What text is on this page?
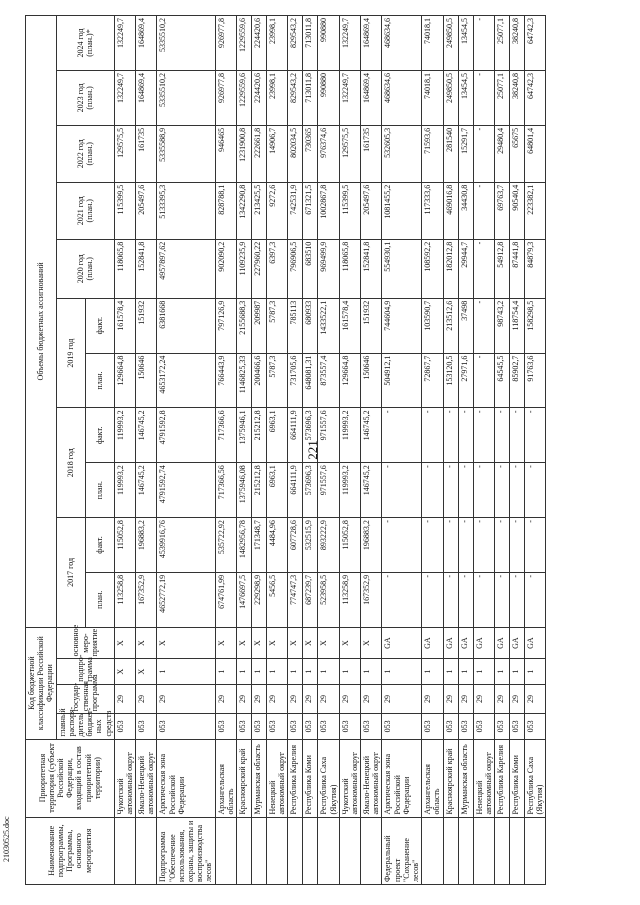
221
21030525.doc	Наименование подпрограммы, Программы, основного мероприятия	Приоритетная территория (субъект Российской Федерации, входящий в состав приоритетной территории)	Код бюджетной классификации Российской Федерации				Объемы бюджетных ассигнований										
		главный распоря-дитель бюджет-ных средств	государ-ственная программа	подпро-грамма	основное меро-приятие	2017 год		2018 год		2019 год		2020 год (план.)	2021 год (план.)	2022 год (план.)	2023 год (план.)	2024 год (план.)*
						план.	факт.	план.	факт.	план.	факт.					
	Чукотский автономный округ	053	29	X	X	113258,8	115052,8	119993,2	119993,2	129664,8	161578,4	118065,8	115399,5	129575,5	132249,7	132249,7
	Ямало-Ненецкий автономный округ	053	29	X	X	167352,9	196883,2	146745,2	146745,2	150646	151932	152841,8	205497,6	161735	164869,4	164869,4
Подпрограмма "Обеспечение использования, охраны, защиты и воспроизводства лесов"	Арктическая зона Российской Федерации	053	29	1	X	4652772,19	4539916,76	4791592,74	4791592,8	4653172,24	6381668	4957897,62	5133395,3	5335588,9	5335510,2	5335510,2
	Архангельская область	053	29	1	X	674761,99	535722,92	717366,56	717366,6	766443,9	797126,9	902090,2	828788,1	946465	926977,8	926977,8
	Красноярский край	053	29	1	X	1476697,5	1482956,78	1375946,08	1375946,1	1146825,33	2155688,3	1109235,9	1342290,8	1231900,8	1229559,6	1229559,6
	Мурманская область	053	29	1	X	229298,9	171348,7	215212,8	215212,8	200466,6	209987	227960,22	213425,5	222661,8	224420,6	224420,6
	Ненецкий автономный округ	053	29	1	X	5456,5	4484,96	6963,1	6963,1	5787,3	5787,3	6397,3	9272,6	14906,7	23998,1	23998,1
	Республика Карелия	053	29	1	X	774747,3	607728,6	664111,9	664111,9	731705,6	785113	796906,5	742531,9	802034,5	829543,2	829543,2
	Республика Коми	053	29	1	X	687239,7	532515,9	573696,3	573696,3	648081,31	680933	683510	671321,5	730365	713011,8	713011,8
	Республика Саха (Якутия)	053	29	1	X	523958,5	893222,9	971557,6	971557,6	873557,4	1433522,1	969499,9	1002867,8	976374,6	990880	990880
	Чукотский автономный округ	053	29	1	X	113258,9	115052,8	119993,2	119993,2	129664,8	161578,4	118065,8	115399,5	129575,5	132249,7	132249,7
	Ямало-Ненецкий автономный округ	053	29	1	X	167352,9	196883,2	146745,2	146745,2	150646	151932	152841,8	205497,6	161735	164869,4	164869,4
Федеральный проект "Сохранение лесов"	Арктическая зона Российской Федерации	053	29	1	GA	-	-	-	-	504912,1	744604,9	554930,1	1081455,2	532605,3	468634,6	468634,6
	Архангельская область	053	29	1	GA	-	-	-	-	72867,7	103590,7	108592,2	117333,6	71593,6	74018,1	74018,1
	Красноярский край	053	29	1	GA	-	-	-	-	153120,5	213512,6	182012,8	469016,8	281540	249850,5	249850,5
	Мурманская область	053	29	1	GA	-	-	-	-	27971,6	37498	29944,7	34430,8	15291,7	13454,5	13454,5
	Ненецкий автономный округ	053	29	1	GA	-	-	-	-	-	-	-	-	-	-	-
	Республика Карелия	053	29	1	GA	-	-	-	-	64545,5	98743,2	54912,8	69763,7	29480,4	25077,1	25077,1
	Республика Коми	053	29	1	GA	-	-	-	-	85902,7	118754,4	87441,8	90540,4	65675	38240,8	38240,8
	Республика Саха (Якутия)	053	29	1	GA	-	-	-	-	91763,6	158298,5	84879,3	223382,1	64801,4	64742,3	64742,3
